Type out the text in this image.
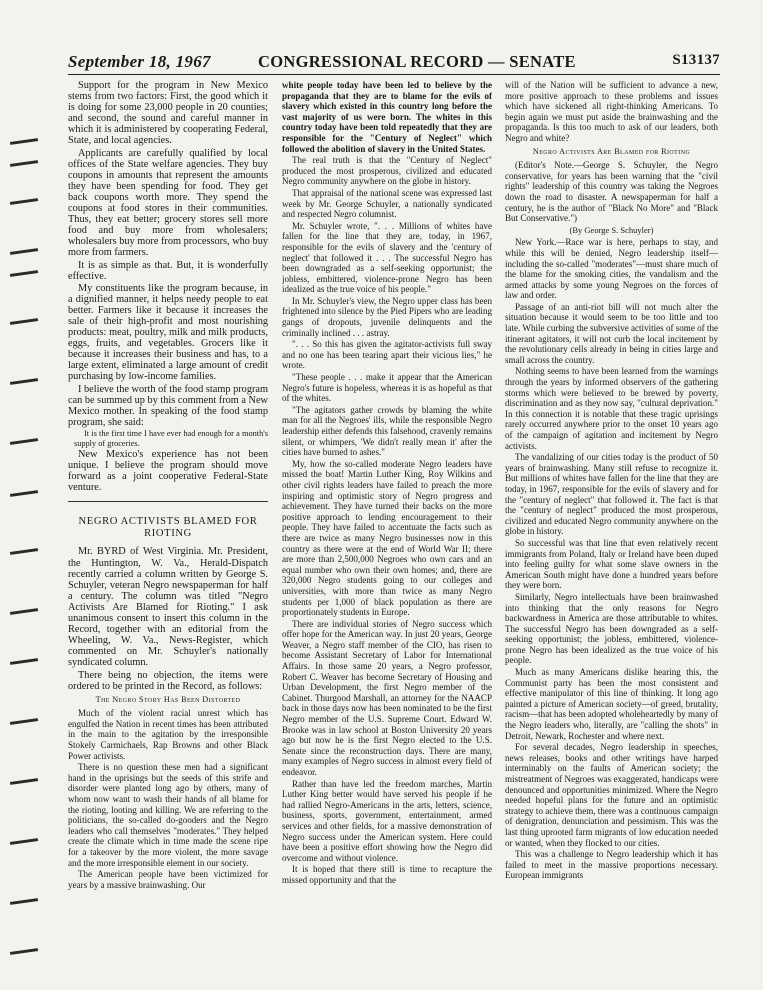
September 18, 1967	CONGRESSIONAL RECORD — SENATE	S13137

Support for the program in New Mexico stems from two factors: First, the good which it is doing for some 23,000 people in 20 counties; and second, the sound and careful manner in which it is administered by cooperating Federal, State, and local agencies.

Applicants are carefully qualified by local offices of the State welfare agencies. They buy coupons in amounts that represent the amounts they have been spending for food. They get back coupons worth more. They spend the coupons at food stores in their communities. Thus, they eat better; grocery stores sell more food and buy more from wholesalers; wholesalers buy more from processors, who buy more from farmers.

It is as simple as that. But, it is wonderfully effective.

My constituents like the program because, in a dignified manner, it helps needy people to eat better. Farmers like it because it increases the sale of their high-profit and most nourishing products: meat, poultry, milk and milk products, eggs, fruits, and vegetables. Grocers like it because it increases their business and has, to a large extent, eliminated a large amount of credit purchasing by low-income families.

I believe the worth of the food stamp program can be summed up by this comment from a New Mexico mother. In speaking of the food stamp program, she said:

It is the first time I have ever had enough for a month's supply of groceries.

New Mexico's experience has not been unique. I believe the program should move forward as a joint cooperative Federal-State venture.

NEGRO ACTIVISTS BLAMED FOR RIOTING

Mr. BYRD of West Virginia. Mr. President, the Huntington, W. Va., Herald-Dispatch recently carried a column written by George S. Schuyler, veteran Negro newspaperman for half a century. The column was titled "Negro Activists Are Blamed for Rioting." I ask unanimous consent to insert this column in the Record, together with an editorial from the Wheeling, W. Va., News-Register, which commented on Mr. Schuyler's nationally syndicated column.

There being no objection, the items were ordered to be printed in the Record, as follows:

The Negro Story Has Been Distorted

Much of the violent racial unrest which has engulfed the Nation in recent times has been attributed in the main to the agitation by the irresponsible Stokely Carmichaels, Rap Browns and other Black Power activists.

There is no question these men had a significant hand in the uprisings but the seeds of this strife and disorder were planted long ago by others, many of whom now want to wash their hands of all blame for the rioting, looting and killing. We are referring to the politicians, the so-called do-gooders and the Negro leaders who call themselves "moderates." They helped create the climate which in time made the scene ripe for a takeover by the more violent, the more savage and the more irresponsible element in our society.

The American people have been victimized for years by a massive brainwashing. Our

white people today have been led to believe by the propaganda that they are to blame for the evils of slavery which existed in this country long before the vast majority of us were born. The whites in this country today have been told repeatedly that they are responsible for the "Century of Neglect" which followed the abolition of slavery in the United States.

The real truth is that the "Century of Neglect" produced the most prosperous, civilized and educated Negro community anywhere on the globe in history.

That appraisal of the national scene was expressed last week by Mr. George Schuyler, a nationally syndicated and respected Negro columnist.

Mr. Schuyler wrote, ". . . Millions of whites have fallen for the line that they are, today, in 1967, responsible for the evils of slavery and the 'century of neglect' that followed it . . . The successful Negro has been downgraded as a self-seeking opportunist; the jobless, embittered, violence-prone Negro has been idealized as the true voice of his people."

In Mr. Schuyler's view, the Negro upper class has been frightened into silence by the Pied Pipers who are leading gangs of dropouts, juvenile delinquents and the criminally inclined . . . astray.

". . . So this has given the agitator-activists full sway and no one has been tearing apart their vicious lies," he wrote.

"These people . . . make it appear that the American Negro's future is hopeless, whereas it is as hopeful as that of the whites.

"The agitators gather crowds by blaming the white man for all the Negroes' ills, while the responsible Negro leadership either defends this falsehood, cravenly remains silent, or whimpers, 'We didn't really mean it' after the cities have burned to ashes."

My, how the so-called moderate Negro leaders have missed the boat! Martin Luther King, Roy Wilkins and other civil rights leaders have failed to preach the more inspiring and optimistic story of Negro progress and achievement. They have turned their backs on the more positive approach to lending encouragement to their people. They have failed to accentuate the facts such as there are twice as many Negro businesses now in this country as there were at the end of World War II; there are more than 2,500,000 Negroes who own cars and an equal number who own their own homes; and, there are 320,000 Negro students going to our colleges and universities, with more than twice as many Negro students per 1,000 of black population as there are proportionately students in Europe.

There are individual stories of Negro success which offer hope for the American way. In just 20 years, George Weaver, a Negro staff member of the CIO, has risen to become Assistant Secretary of Labor for International Affairs. In those same 20 years, a Negro professor, Robert C. Weaver has become Secretary of Housing and Urban Development, the first Negro member of the Cabinet. Thurgood Marshall, an attorney for the NAACP back in those days now has been nominated to be the first Negro member of the U.S. Supreme Court. Edward W. Brooke was in law school at Boston University 20 years ago but now he is the first Negro elected to the U.S. Senate since the reconstruction days. There are many, many examples of Negro success in almost every field of endeavor.

Rather than have led the freedom marches, Martin Luther King better would have served his people if he had rallied Negro-Americans in the arts, letters, science, business, sports, government, entertainment, armed services and other fields, for a massive demonstration of Negro success under the American system. Here could have been a positive effort showing how the Negro did overcome and without violence.

It is hoped that there still is time to recapture the missed opportunity and that the

will of the Nation will be sufficient to advance a new, more positive approach to these problems and issues which have sickened all right-thinking Americans. To begin again we must put aside the brainwashing and the propaganda. Is this too much to ask of our leaders, both Negro and white?

Negro Activists Are Blamed for Rioting

(Editor's Note.—George S. Schuyler, the Negro conservative, for years has been warning that the "civil rights" leadership of this country was taking the Negroes down the road to disaster. A newspaperman for half a century, he is the author of "Black No More" and "Black But Conservative.")

(By George S. Schuyler)

New York.—Race war is here, perhaps to stay, and while this will be denied, Negro leadership itself—including the so-called "moderates"—must share much of the blame for the smoking cities, the vandalism and the armed attacks by some young Negroes on the forces of law and order.

Passage of an anti-riot bill will not much alter the situation because it would seem to be too little and too late. While curbing the subversive activities of some of the itinerant agitators, it will not curb the local incitement by the revolutionary cells already in being in cities large and small across the country.

Nothing seems to have been learned from the warnings through the years by informed observers of the gathering storms which were believed to be brewed by poverty, discrimination and as they now say, "cultural deprivation." In this connection it is notable that these tragic uprisings rarely occurred anywhere prior to the onset 10 years ago of the campaign of agitation and incitement by Negro activists.

The vandalizing of our cities today is the product of 50 years of brainwashing. Many still refuse to recognize it. But millions of whites have fallen for the line that they are today, in 1967, responsible for the evils of slavery and for the "century of neglect" that followed it. The fact is that the "century of neglect" produced the most prosperous, civilized and educated Negro community anywhere on the globe in history.

So successful was that line that even relatively recent immigrants from Poland, Italy or Ireland have been duped into feeling guilty for what some slave owners in the American South might have done a hundred years before they were born.

Similarly, Negro intellectuals have been brainwashed into thinking that the only reasons for Negro backwardness in America are those attributable to whites. The successful Negro has been downgraded as a self-seeking opportunist; the jobless, embittered, violence-prone Negro has been idealized as the true voice of his people.

Much as many Americans dislike hearing this, the Communist party has been the most consistent and effective manipulator of this line of thinking. It long ago painted a picture of American society—of greed, brutality, racism—that has been adopted wholeheartedly by many of the Negro leaders who, literally, are "calling the shots" in Detroit, Newark, Rochester and where next.

For several decades, Negro leadership in speeches, news releases, books and other writings have harped interminably on the faults of American society; the mistreatment of Negroes was exaggerated, handicaps were denounced and opportunities minimized. Where the Negro needed hopeful plans for the future and an optimistic strategy to achieve them, there was a continuous campaign of denigration, denunciation and pessimism. This was the last thing uprooted farm migrants of low education needed or wanted, when they flocked to our cities.

This was a challenge to Negro leadership which it has failed to meet in the massive proportions necessary. European immigrants
